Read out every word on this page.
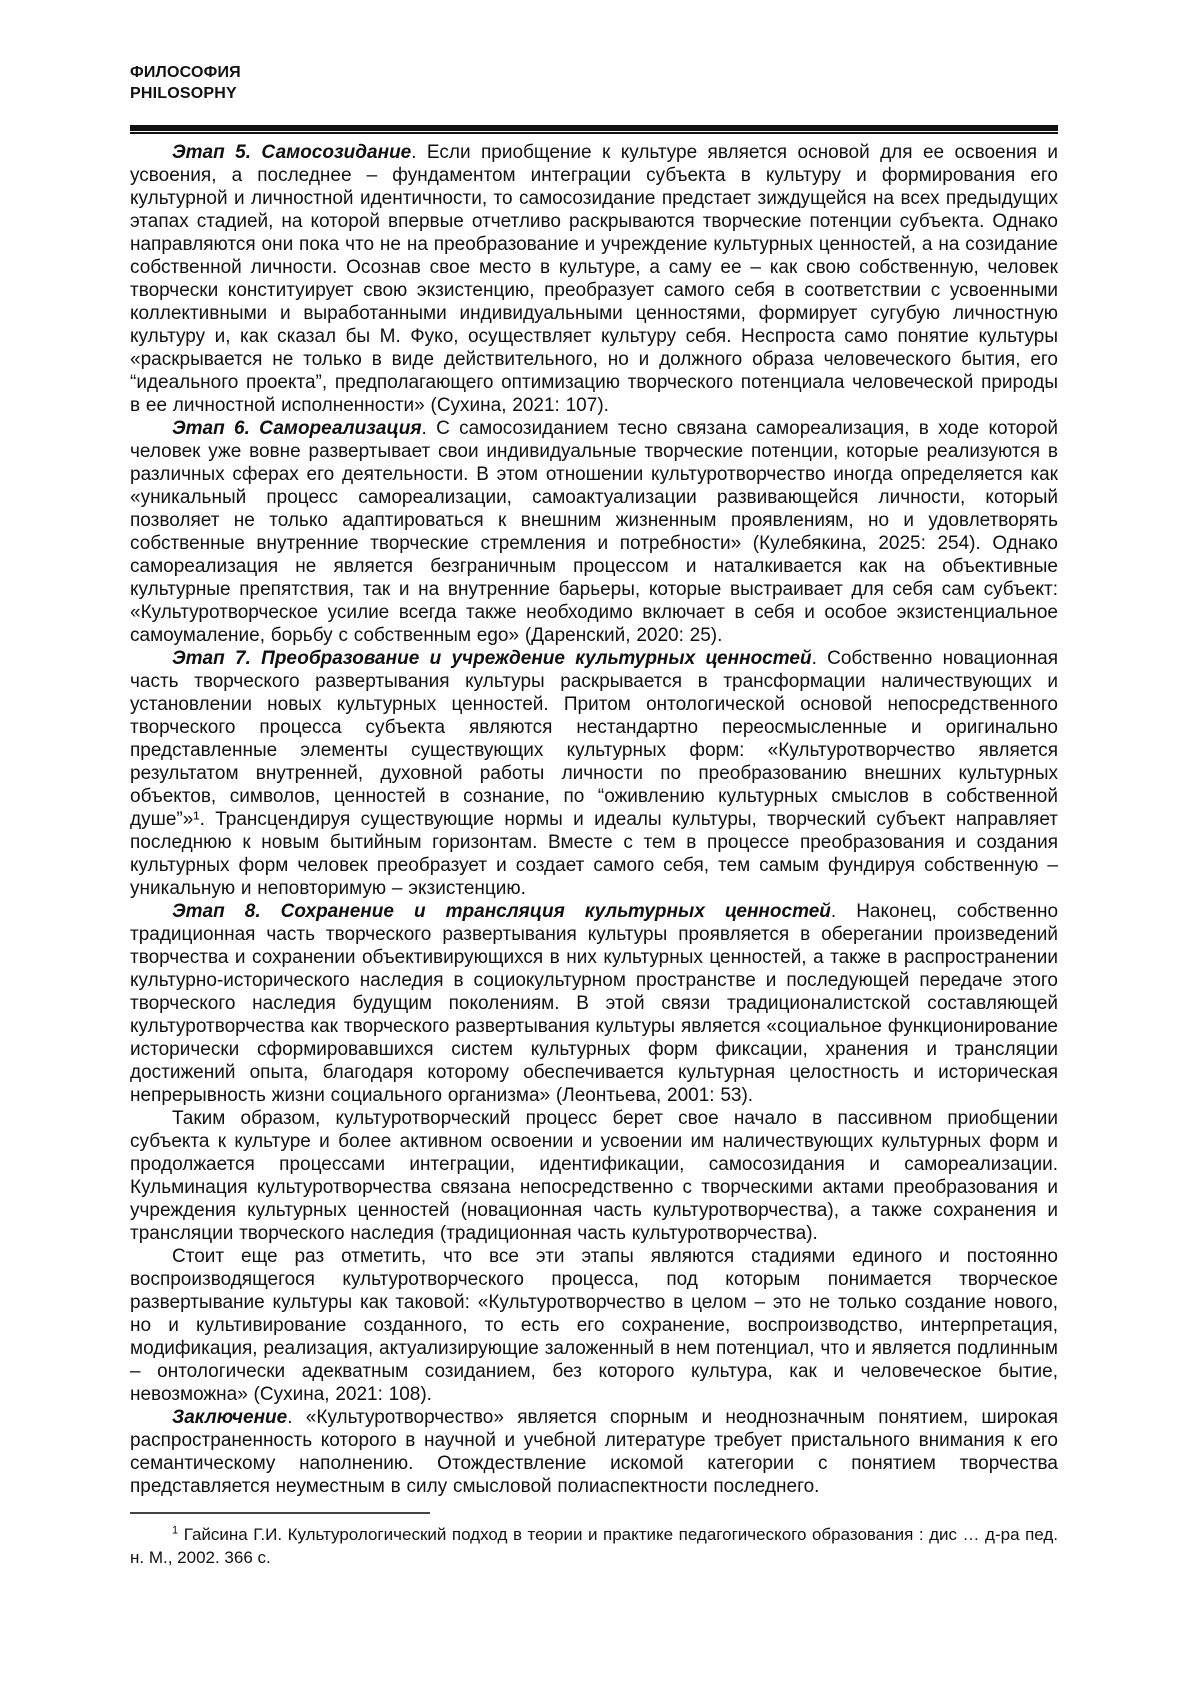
ФИЛОСОФИЯ
PHILOSOPHY

Этап 5. Самосозидание. Если приобщение к культуре является основой для ее освоения и усвоения, а последнее – фундаментом интеграции субъекта в культуру и формирования его культурной и личностной идентичности, то самосозидание предстает зиждущейся на всех предыдущих этапах стадией, на которой впервые отчетливо раскрываются творческие потенции субъекта. Однако направляются они пока что не на преобразование и учреждение культурных ценностей, а на созидание собственной личности. Осознав свое место в культуре, а саму ее – как свою собственную, человек творчески конституирует свою экзистенцию, преобразует самого себя в соответствии с усвоенными коллективными и выработанными индивидуальными ценностями, формирует сугубую личностную культуру и, как сказал бы М. Фуко, осуществляет культуру себя. Неспроста само понятие культуры «раскрывается не только в виде действительного, но и должного образа человеческого бытия, его “идеального проекта”, предполагающего оптимизацию творческого потенциала человеческой природы в ее личностной исполненности» (Сухина, 2021: 107).

Этап 6. Самореализация. С самосозиданием тесно связана самореализация, в ходе которой человек уже вовне развертывает свои индивидуальные творческие потенции, которые реализуются в различных сферах его деятельности. В этом отношении культуротворчество иногда определяется как «уникальный процесс самореализации, самоактуализации развивающейся личности, который позволяет не только адаптироваться к внешним жизненным проявлениям, но и удовлетворять собственные внутренние творческие стремления и потребности» (Кулебякина, 2025: 254). Однако самореализация не является безграничным процессом и наталкивается как на объективные культурные препятствия, так и на внутренние барьеры, которые выстраивает для себя сам субъект: «Культуротворческое усилие всегда также необходимо включает в себя и особое экзистенциальное самоумаление, борьбу с собственным ego» (Даренский, 2020: 25).

Этап 7. Преобразование и учреждение культурных ценностей. Собственно новационная часть творческого развертывания культуры раскрывается в трансформации наличествующих и установлении новых культурных ценностей. Притом онтологической основой непосредственного творческого процесса субъекта являются нестандартно переосмысленные и оригинально представленные элементы существующих культурных форм: «Культуротворчество является результатом внутренней, духовной работы личности по преобразованию внешних культурных объектов, символов, ценностей в сознание, по “оживлению культурных смыслов в собственной душе”»¹. Трансцендируя существующие нормы и идеалы культуры, творческий субъект направляет последнюю к новым бытийным горизонтам. Вместе с тем в процессе преобразования и создания культурных форм человек преобразует и создает самого себя, тем самым фундируя собственную – уникальную и неповторимую – экзистенцию.

Этап 8. Сохранение и трансляция культурных ценностей. Наконец, собственно традиционная часть творческого развертывания культуры проявляется в оберегании произведений творчества и сохранении объективирующихся в них культурных ценностей, а также в распространении культурно-исторического наследия в социокультурном пространстве и последующей передаче этого творческого наследия будущим поколениям. В этой связи традиционалистской составляющей культуротворчества как творческого развертывания культуры является «социальное функционирование исторически сформировавшихся систем культурных форм фиксации, хранения и трансляции достижений опыта, благодаря которому обеспечивается культурная целостность и историческая непрерывность жизни социального организма» (Леонтьева, 2001: 53).

Таким образом, культуротворческий процесс берет свое начало в пассивном приобщении субъекта к культуре и более активном освоении и усвоении им наличествующих культурных форм и продолжается процессами интеграции, идентификации, самосозидания и самореализации. Кульминация культуротворчества связана непосредственно с творческими актами преобразования и учреждения культурных ценностей (новационная часть культуротворчества), а также сохранения и трансляции творческого наследия (традиционная часть культуротворчества).

Стоит еще раз отметить, что все эти этапы являются стадиями единого и постоянно воспроизводящегося культуротворческого процесса, под которым понимается творческое развертывание культуры как таковой: «Культуротворчество в целом – это не только создание нового, но и культивирование созданного, то есть его сохранение, воспроизводство, интерпретация, модификация, реализация, актуализирующие заложенный в нем потенциал, что и является подлинным – онтологически адекватным созиданием, без которого культура, как и человеческое бытие, невозможна» (Сухина, 2021: 108).

Заключение. «Культуротворчество» является спорным и неоднозначным понятием, широкая распространенность которого в научной и учебной литературе требует пристального внимания к его семантическому наполнению. Отождествление искомой категории с понятием творчества представляется неуместным в силу смысловой полиаспектности последнего.

$^1$ Гайсина Г.И. Культурологический подход в теории и практике педагогического образования : дис … д-ра пед. н. М., 2002. 366 с.
